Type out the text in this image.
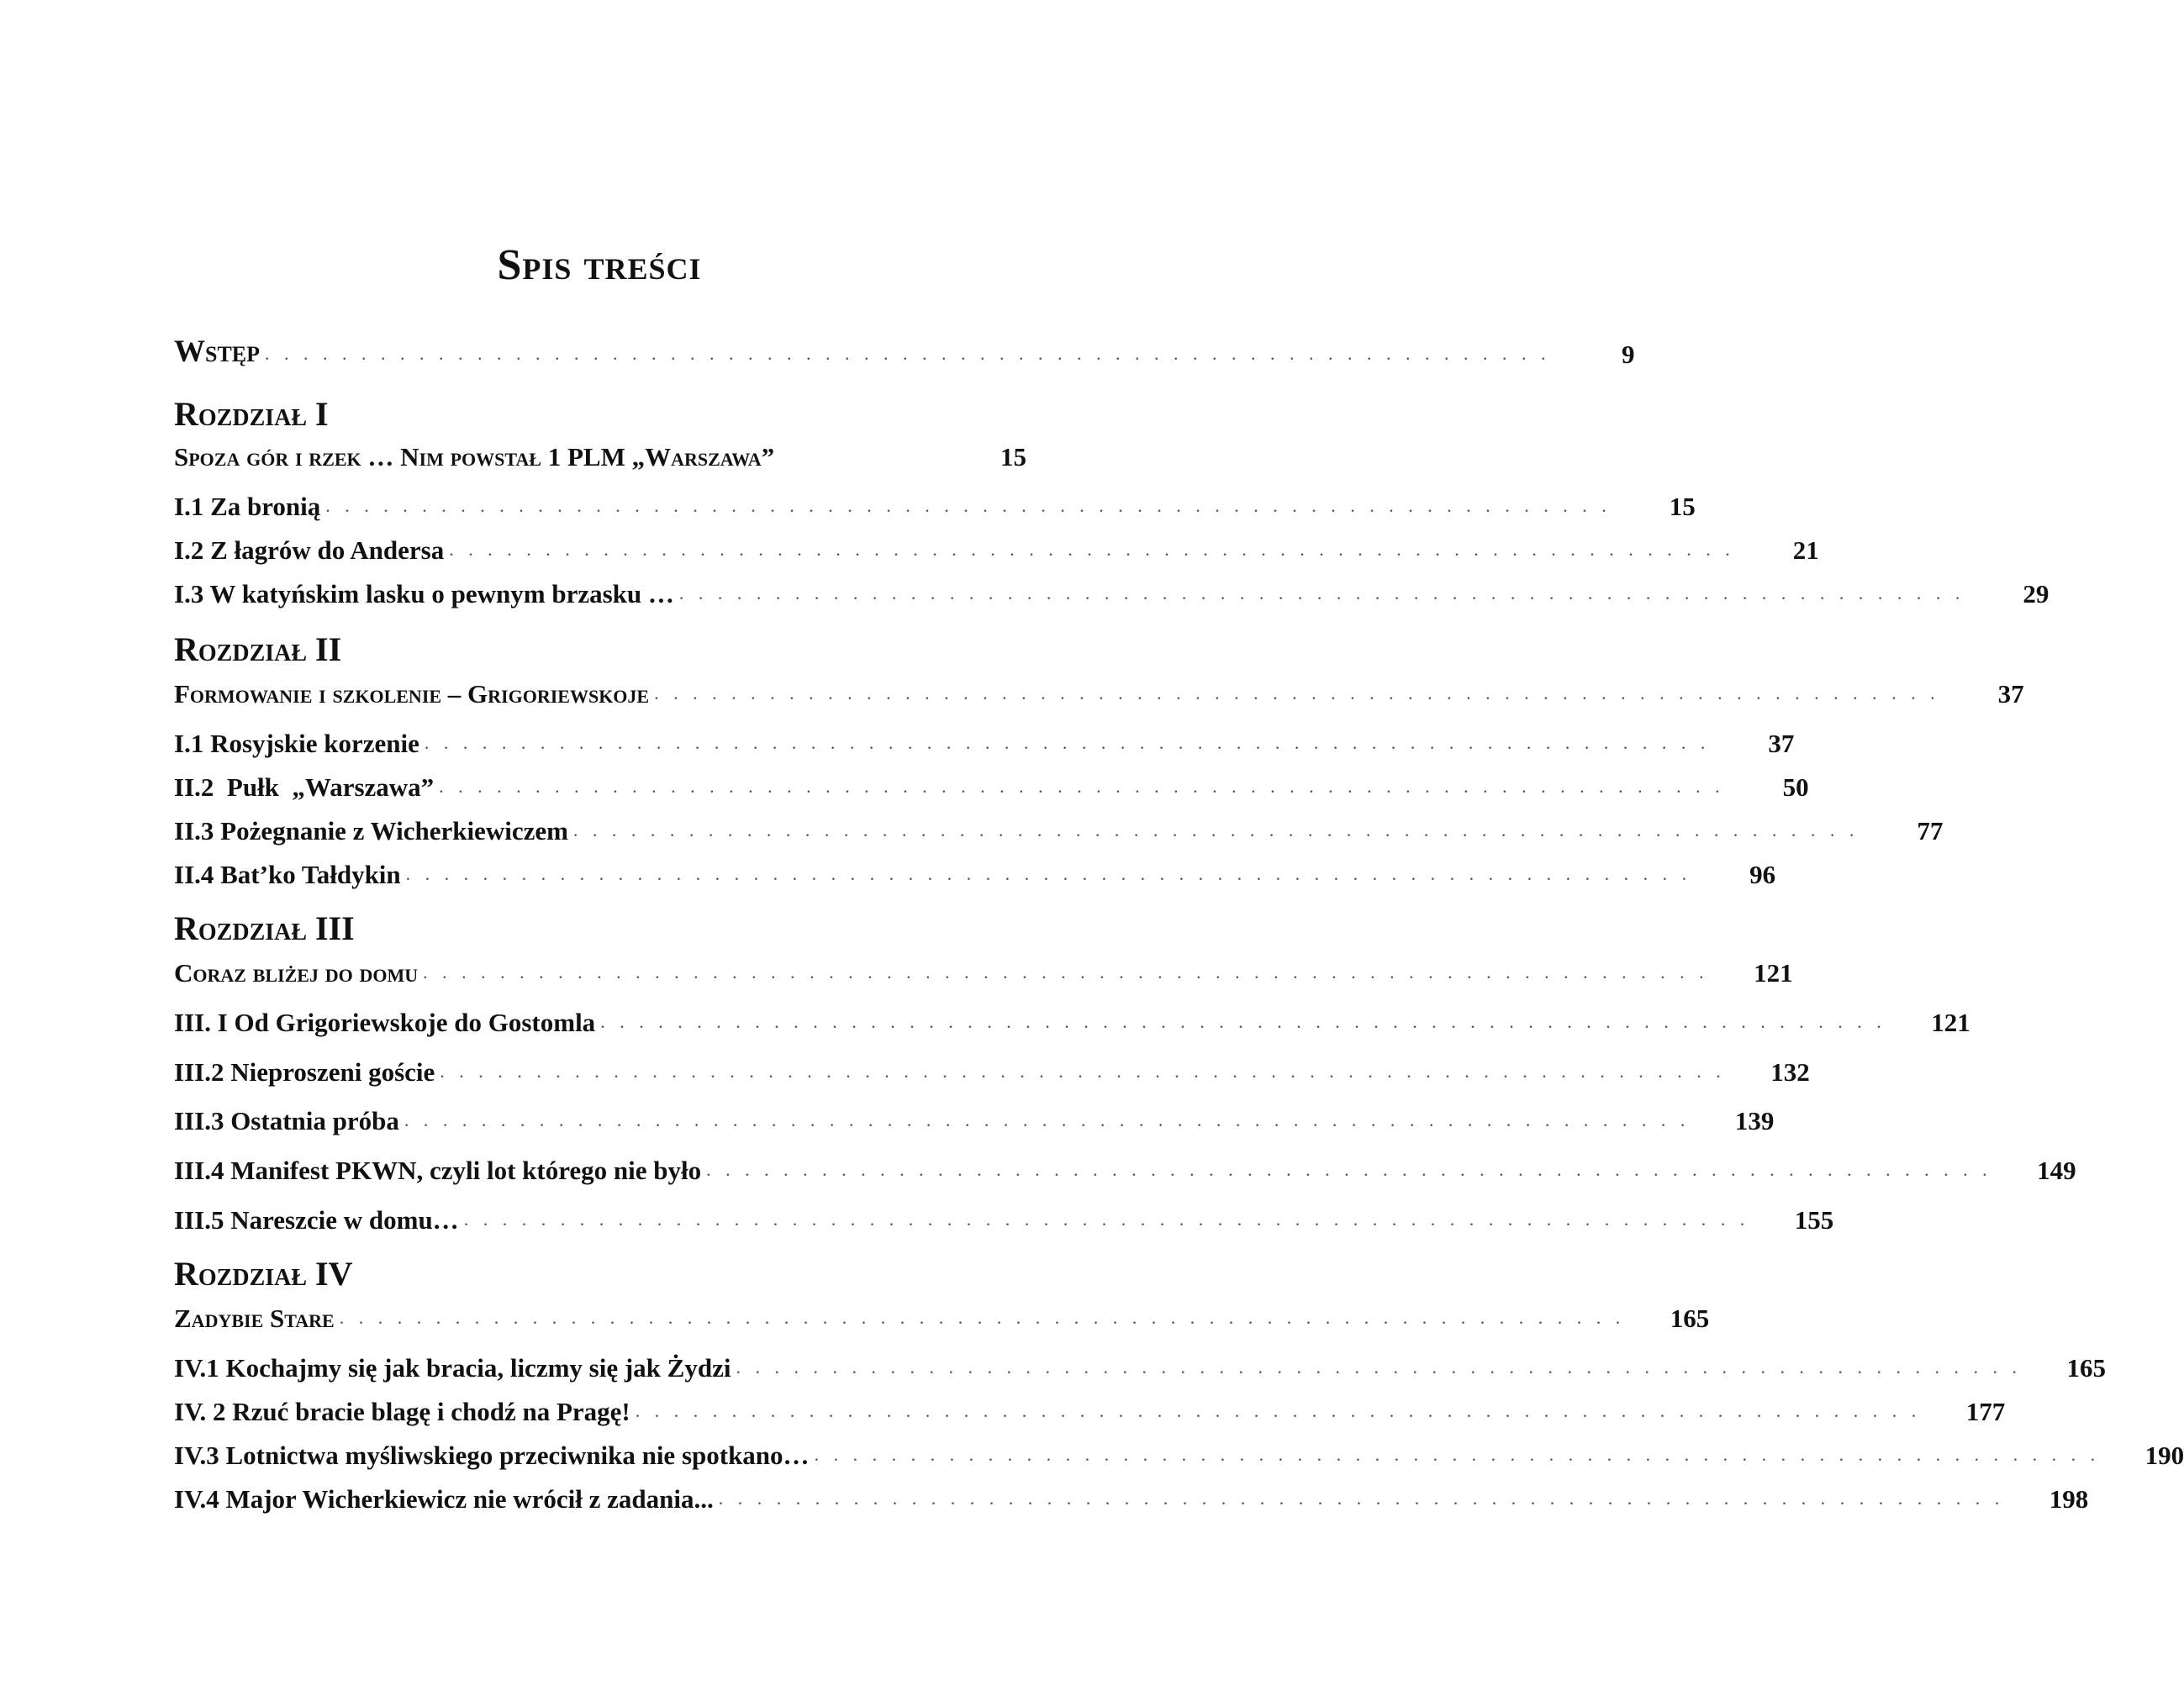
Spis treści
Wstęp . . . . . . . . . . . . . . . . . . . . . . . . . . . . . . . . . . . . . . . . . . . . . . . . . . . . . . . . . . . . . . . . . . .	9
Rozdział I
Spoza gór i rzek … Nim powstał 1 PLM „Warszawa”	15
I.1 Za bronią . . . . . . . . . . . . . . . . . . . . . . . . . . . . . . . . . . . . . . . . . . . . . . . . . . . . . . . . . . . . . . . . . . .	15
I.2 Z łagrów do Andersa . . . . . . . . . . . . . . . . . . . . . . . . . . . . . . . . . . . . . . . . . . . . . . . . . . . . . . . . . . . . . . . . . . .	21
I.3 W katyńskim lasku o pewnym brzasku … . . . . . . . . . . . . . . . . . . . . . . . . . . . . . . . . . . . . . . . . . . . . . . . . . . . . . . . . . . . . . . . . . . .	29
Rozdział II
Formowanie i szkolenie – Grigoriewskoje . . . . . . . . . . . . . . . . . . . . . . . . . . . . . . . . . . . . . . . . . . . . . . . . . . . . . . . . . . . . . . . . . . .	37
I.1 Rosyjskie korzenie . . . . . . . . . . . . . . . . . . . . . . . . . . . . . . . . . . . . . . . . . . . . . . . . . . . . . . . . . . . . . . . . . . .	37
II.2  Pułk  „Warszawa” . . . . . . . . . . . . . . . . . . . . . . . . . . . . . . . . . . . . . . . . . . . . . . . . . . . . . . . . . . . . . . . . . . .	50
II.3 Pożegnanie z Wicherkiewiczem . . . . . . . . . . . . . . . . . . . . . . . . . . . . . . . . . . . . . . . . . . . . . . . . . . . . . . . . . . . . . . . . . . .	77
II.4 Bat’ko Tałdykin . . . . . . . . . . . . . . . . . . . . . . . . . . . . . . . . . . . . . . . . . . . . . . . . . . . . . . . . . . . . . . . . . . .	96
Rozdział III
Coraz bliżej do domu . . . . . . . . . . . . . . . . . . . . . . . . . . . . . . . . . . . . . . . . . . . . . . . . . . . . . . . . . . . . . . . . . . .	121
III. I Od Grigoriewskoje do Gostomla . . . . . . . . . . . . . . . . . . . . . . . . . . . . . . . . . . . . . . . . . . . . . . . . . . . . . . . . . . . . . . . . . . .	121
III.2 Nieproszeni goście . . . . . . . . . . . . . . . . . . . . . . . . . . . . . . . . . . . . . . . . . . . . . . . . . . . . . . . . . . . . . . . . . . .	132
III.3 Ostatnia próba . . . . . . . . . . . . . . . . . . . . . . . . . . . . . . . . . . . . . . . . . . . . . . . . . . . . . . . . . . . . . . . . . . .	139
III.4 Manifest PKWN, czyli lot którego nie było . . . . . . . . . . . . . . . . . . . . . . . . . . . . . . . . . . . . . . . . . . . . . . . . . . . . . . . . . . . . . . . . . . .	149
III.5 Nareszcie w domu… . . . . . . . . . . . . . . . . . . . . . . . . . . . . . . . . . . . . . . . . . . . . . . . . . . . . . . . . . . . . . . . . . . .	155
Rozdział IV
Zadybie Stare . . . . . . . . . . . . . . . . . . . . . . . . . . . . . . . . . . . . . . . . . . . . . . . . . . . . . . . . . . . . . . . . . . .	165
IV.1 Kochajmy się jak bracia, liczmy się jak Żydzi . . . . . . . . . . . . . . . . . . . . . . . . . . . . . . . . . . . . . . . . . . . . . . . . . . . . . . . . . . . . . . . . . . .	165
IV. 2 Rzuć bracie blagę i chodź na Pragę! . . . . . . . . . . . . . . . . . . . . . . . . . . . . . . . . . . . . . . . . . . . . . . . . . . . . . . . . . . . . . . . . . . .	177
IV.3 Lotnictwa myśliwskiego przeciwnika nie spotkano… . . . . . . . . . . . . . . . . . . . . . . . . . . . . . . . . . . . . . . . . . . . . . . . . . . . . . . . . . . . . . . . . . . .	190
IV.4 Major Wicherkiewicz nie wrócił z zadania... . . . . . . . . . . . . . . . . . . . . . . . . . . . . . . . . . . . . . . . . . . . . . . . . . . . . . . . . . . . . . . . . . . .	198
